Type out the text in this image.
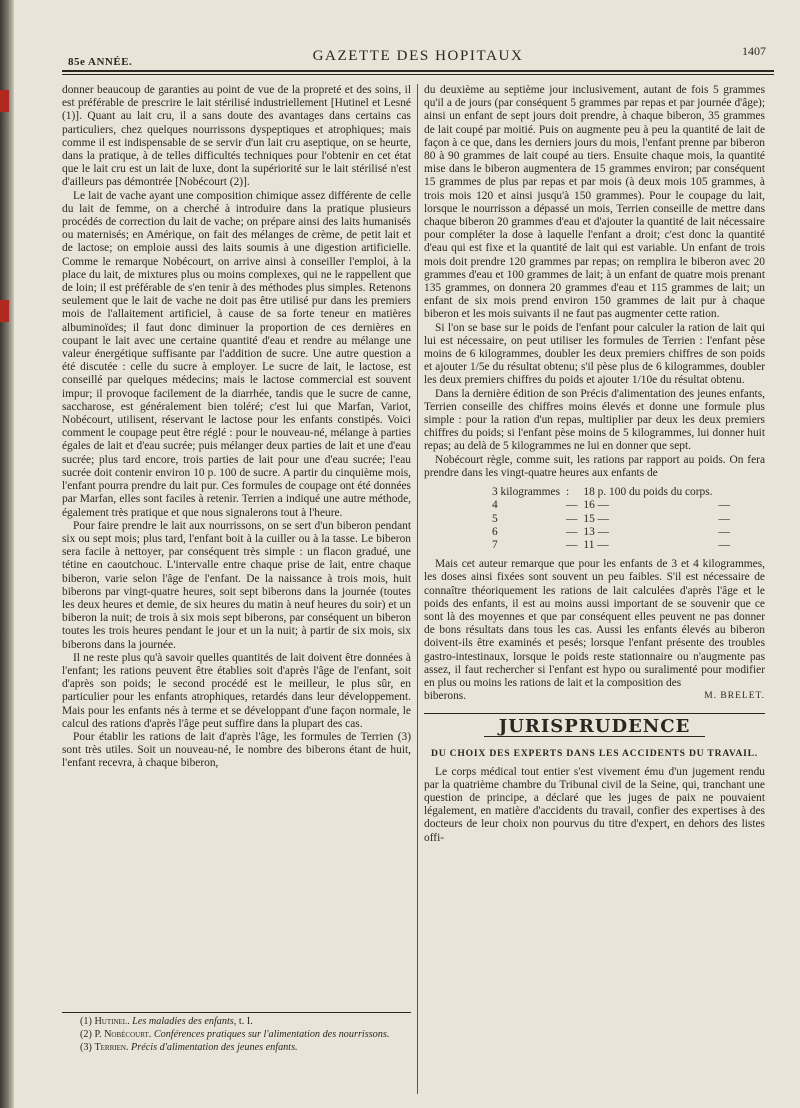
85e ANNÉE.	GAZETTE DES HOPITAUX	1407

donner beaucoup de garanties au point de vue de la propreté et des soins, il est préférable de prescrire le lait stérilisé industriellement [Hutinel et Lesné (1)]. Quant au lait cru, il a sans doute des avantages dans certains cas particuliers, chez quelques nourrissons dyspeptiques et atrophiques; mais comme il est indispensable de se servir d'un lait cru aseptique, on se heurte, dans la pratique, à de telles difficultés techniques pour l'obtenir en cet état que le lait cru est un lait de luxe, dont la supériorité sur le lait stérilisé n'est d'ailleurs pas démontrée [Nobécourt (2)].

Le lait de vache ayant une composition chimique assez différente de celle du lait de femme, on a cherché à introduire dans la pratique plusieurs procédés de correction du lait de vache; on prépare ainsi des laits humanisés ou maternisés; en Amérique, on fait des mélanges de crème, de petit lait et de lactose; on emploie aussi des laits soumis à une digestion artificielle. Comme le remarque Nobécourt, on arrive ainsi à conseiller l'emploi, à la place du lait, de mixtures plus ou moins complexes, qui ne le rappellent que de loin; il est préférable de s'en tenir à des méthodes plus simples. Retenons seulement que le lait de vache ne doit pas être utilisé pur dans les premiers mois de l'allaitement artificiel, à cause de sa forte teneur en matières albuminoïdes; il faut donc diminuer la proportion de ces dernières en coupant le lait avec une certaine quantité d'eau et rendre au mélange une valeur énergétique suffisante par l'addition de sucre. Une autre question a été discutée : celle du sucre à employer. Le sucre de lait, le lactose, est conseillé par quelques médecins; mais le lactose commercial est souvent impur; il provoque facilement de la diarrhée, tandis que le sucre de canne, saccharose, est généralement bien toléré; c'est lui que Marfan, Variot, Nobécourt, utilisent, réservant le lactose pour les enfants constipés. Voici comment le coupage peut être réglé : pour le nouveau-né, mélange à parties égales de lait et d'eau sucrée; puis mélanger deux parties de lait et une d'eau sucrée; plus tard encore, trois parties de lait pour une d'eau sucrée; l'eau sucrée doit contenir environ 10 p. 100 de sucre. A partir du cinquième mois, l'enfant pourra prendre du lait pur. Ces formules de coupage ont été données par Marfan, elles sont faciles à retenir. Terrien a indiqué une autre méthode, également très pratique et que nous signalerons tout à l'heure.

Pour faire prendre le lait aux nourrissons, on se sert d'un biberon pendant six ou sept mois; plus tard, l'enfant boit à la cuiller ou à la tasse. Le biberon sera facile à nettoyer, par conséquent très simple : un flacon gradué, une tétine en caoutchouc. L'intervalle entre chaque prise de lait, entre chaque biberon, varie selon l'âge de l'enfant. De la naissance à trois mois, huit biberons par vingt-quatre heures, soit sept biberons dans la journée (toutes les deux heures et demie, de six heures du matin à neuf heures du soir) et un biberon la nuit; de trois à six mois sept biberons, par conséquent un biberon toutes les trois heures pendant le jour et un la nuit; à partir de six mois, six biberons dans la journée.

Il ne reste plus qu'à savoir quelles quantités de lait doivent être données à l'enfant; les rations peuvent être établies soit d'après l'âge de l'enfant, soit d'après son poids; le second procédé est le meilleur, le plus sûr, en particulier pour les enfants atrophiques, retardés dans leur développement. Mais pour les enfants nés à terme et se développant d'une façon normale, le calcul des rations d'après l'âge peut suffire dans la plupart des cas.

Pour établir les rations de lait d'après l'âge, les formules de Terrien (3) sont très utiles. Soit un nouveau-né, le nombre des biberons étant de huit, l'enfant recevra, à chaque biberon,

(1) Hutinel. Les maladies des enfants, t. I.
(2) P. Nobécourt. Conférences pratiques sur l'alimentation des nourrissons.
(3) Terrien. Précis d'alimentation des jeunes enfants.

du deuxième au septième jour inclusivement, autant de fois 5 grammes qu'il a de jours (par conséquent 5 grammes par repas et par journée d'âge); ainsi un enfant de sept jours doit prendre, à chaque biberon, 35 grammes de lait coupé par moitié. Puis on augmente peu à peu la quantité de lait de façon à ce que, dans les derniers jours du mois, l'enfant prenne par biberon 80 à 90 grammes de lait coupé au tiers. Ensuite chaque mois, la quantité mise dans le biberon augmentera de 15 grammes environ; par conséquent 15 grammes de plus par repas et par mois (à deux mois 105 grammes, à trois mois 120 et ainsi jusqu'à 150 grammes). Pour le coupage du lait, lorsque le nourrisson a dépassé un mois, Terrien conseille de mettre dans chaque biberon 20 grammes d'eau et d'ajouter la quantité de lait nécessaire pour compléter la dose à laquelle l'enfant a droit; c'est donc la quantité d'eau qui est fixe et la quantité de lait qui est variable. Un enfant de trois mois doit prendre 120 grammes par repas; on remplira le biberon avec 20 grammes d'eau et 100 grammes de lait; à un enfant de quatre mois prenant 135 grammes, on donnera 20 grammes d'eau et 115 grammes de lait; un enfant de six mois prend environ 150 grammes de lait pur à chaque biberon et les mois suivants il ne faut pas augmenter cette ration.

Si l'on se base sur le poids de l'enfant pour calculer la ration de lait qui lui est nécessaire, on peut utiliser les formules de Terrien : l'enfant pèse moins de 6 kilogrammes, doubler les deux premiers chiffres de son poids et ajouter 1/5e du résultat obtenu; s'il pèse plus de 6 kilogrammes, doubler les deux premiers chiffres du poids et ajouter 1/10e du résultat obtenu.

Dans la dernière édition de son Précis d'alimentation des jeunes enfants, Terrien conseille des chiffres moins élevés et donne une formule plus simple : pour la ration d'un repas, multiplier par deux les deux premiers chiffres du poids; si l'enfant pèse moins de 5 kilogrammes, lui donner huit repas; au delà de 5 kilogrammes ne lui en donner que sept.

Nobécourt règle, comme suit, les rations par rapport au poids. On fera prendre dans les vingt-quatre heures aux enfants de

3 kilogrammes	:	18 p. 100 du poids du corps.	
4	—	16 —	—
5	—	15 —	—
6	—	13 —	—
7	—	11 —	—

Mais cet auteur remarque que pour les enfants de 3 et 4 kilogrammes, les doses ainsi fixées sont souvent un peu faibles. S'il est nécessaire de connaître théoriquement les rations de lait calculées d'après l'âge et le poids des enfants, il est au moins aussi important de se souvenir que ce sont là des moyennes et que par conséquent elles peuvent ne pas donner de bons résultats dans tous les cas. Aussi les enfants élevés au biberon doivent-ils être examinés et pesés; lorsque l'enfant présente des troubles gastro-intestinaux, lorsque le poids reste stationnaire ou n'augmente pas assez, il faut rechercher si l'enfant est hypo ou suralimenté pour modifier en plus ou moins les rations de lait et la composition des

biberons.	M. BRELET.
JURISPRUDENCE
DU CHOIX DES EXPERTS DANS LES ACCIDENTS DU TRAVAIL.

Le corps médical tout entier s'est vivement ému d'un jugement rendu par la quatrième chambre du Tribunal civil de la Seine, qui, tranchant une question de principe, a déclaré que les juges de paix ne pouvaient légalement, en matière d'accidents du travail, confier des expertises à des docteurs de leur choix non pourvus du titre d'expert, en dehors des listes offi-
